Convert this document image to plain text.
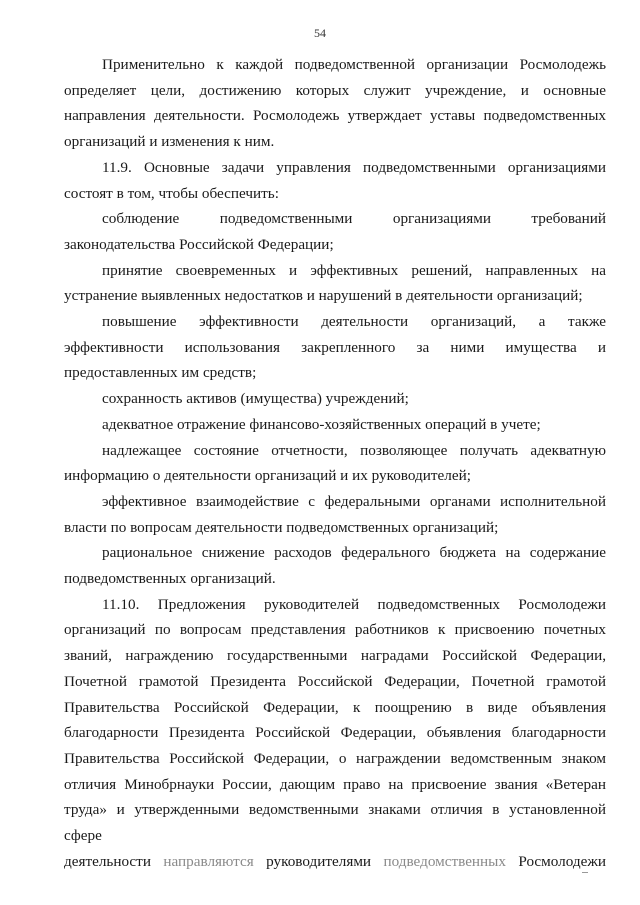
54

Применительно к каждой подведомственной организации Росмолодежь определяет цели, достижению которых служит учреждение, и основные направления деятельности. Росмолодежь утверждает уставы подведомственных организаций и изменения к ним.

11.9. Основные задачи управления подведомственными организациями состоят в том, чтобы обеспечить:

соблюдение подведомственными организациями требований законодательства Российской Федерации;

принятие своевременных и эффективных решений, направленных на устранение выявленных недостатков и нарушений в деятельности организаций;

повышение эффективности деятельности организаций, а также эффективности использования закрепленного за ними имущества и предоставленных им средств;

сохранность активов (имущества) учреждений;

адекватное отражение финансово-хозяйственных операций в учете;

надлежащее состояние отчетности, позволяющее получать адекватную информацию о деятельности организаций и их руководителей;

эффективное взаимодействие с федеральными органами исполнительной власти по вопросам деятельности подведомственных организаций;

рациональное снижение расходов федерального бюджета на содержание подведомственных организаций.

11.10. Предложения руководителей подведомственных Росмолодежи организаций по вопросам представления работников к присвоению почетных званий, награждению государственными наградами Российской Федерации, Почетной грамотой Президента Российской Федерации, Почетной грамотой Правительства Российской Федерации, к поощрению в виде объявления благодарности Президента Российской Федерации, объявления благодарности Правительства Российской Федерации, о награждении ведомственным знаком отличия Минобрнауки России, дающим право на присвоение звания «Ветеран труда» и утвержденными ведомственными знаками отличия в установленной сфере

деятельности направляются руководителями подведомственных Росмолодежи
